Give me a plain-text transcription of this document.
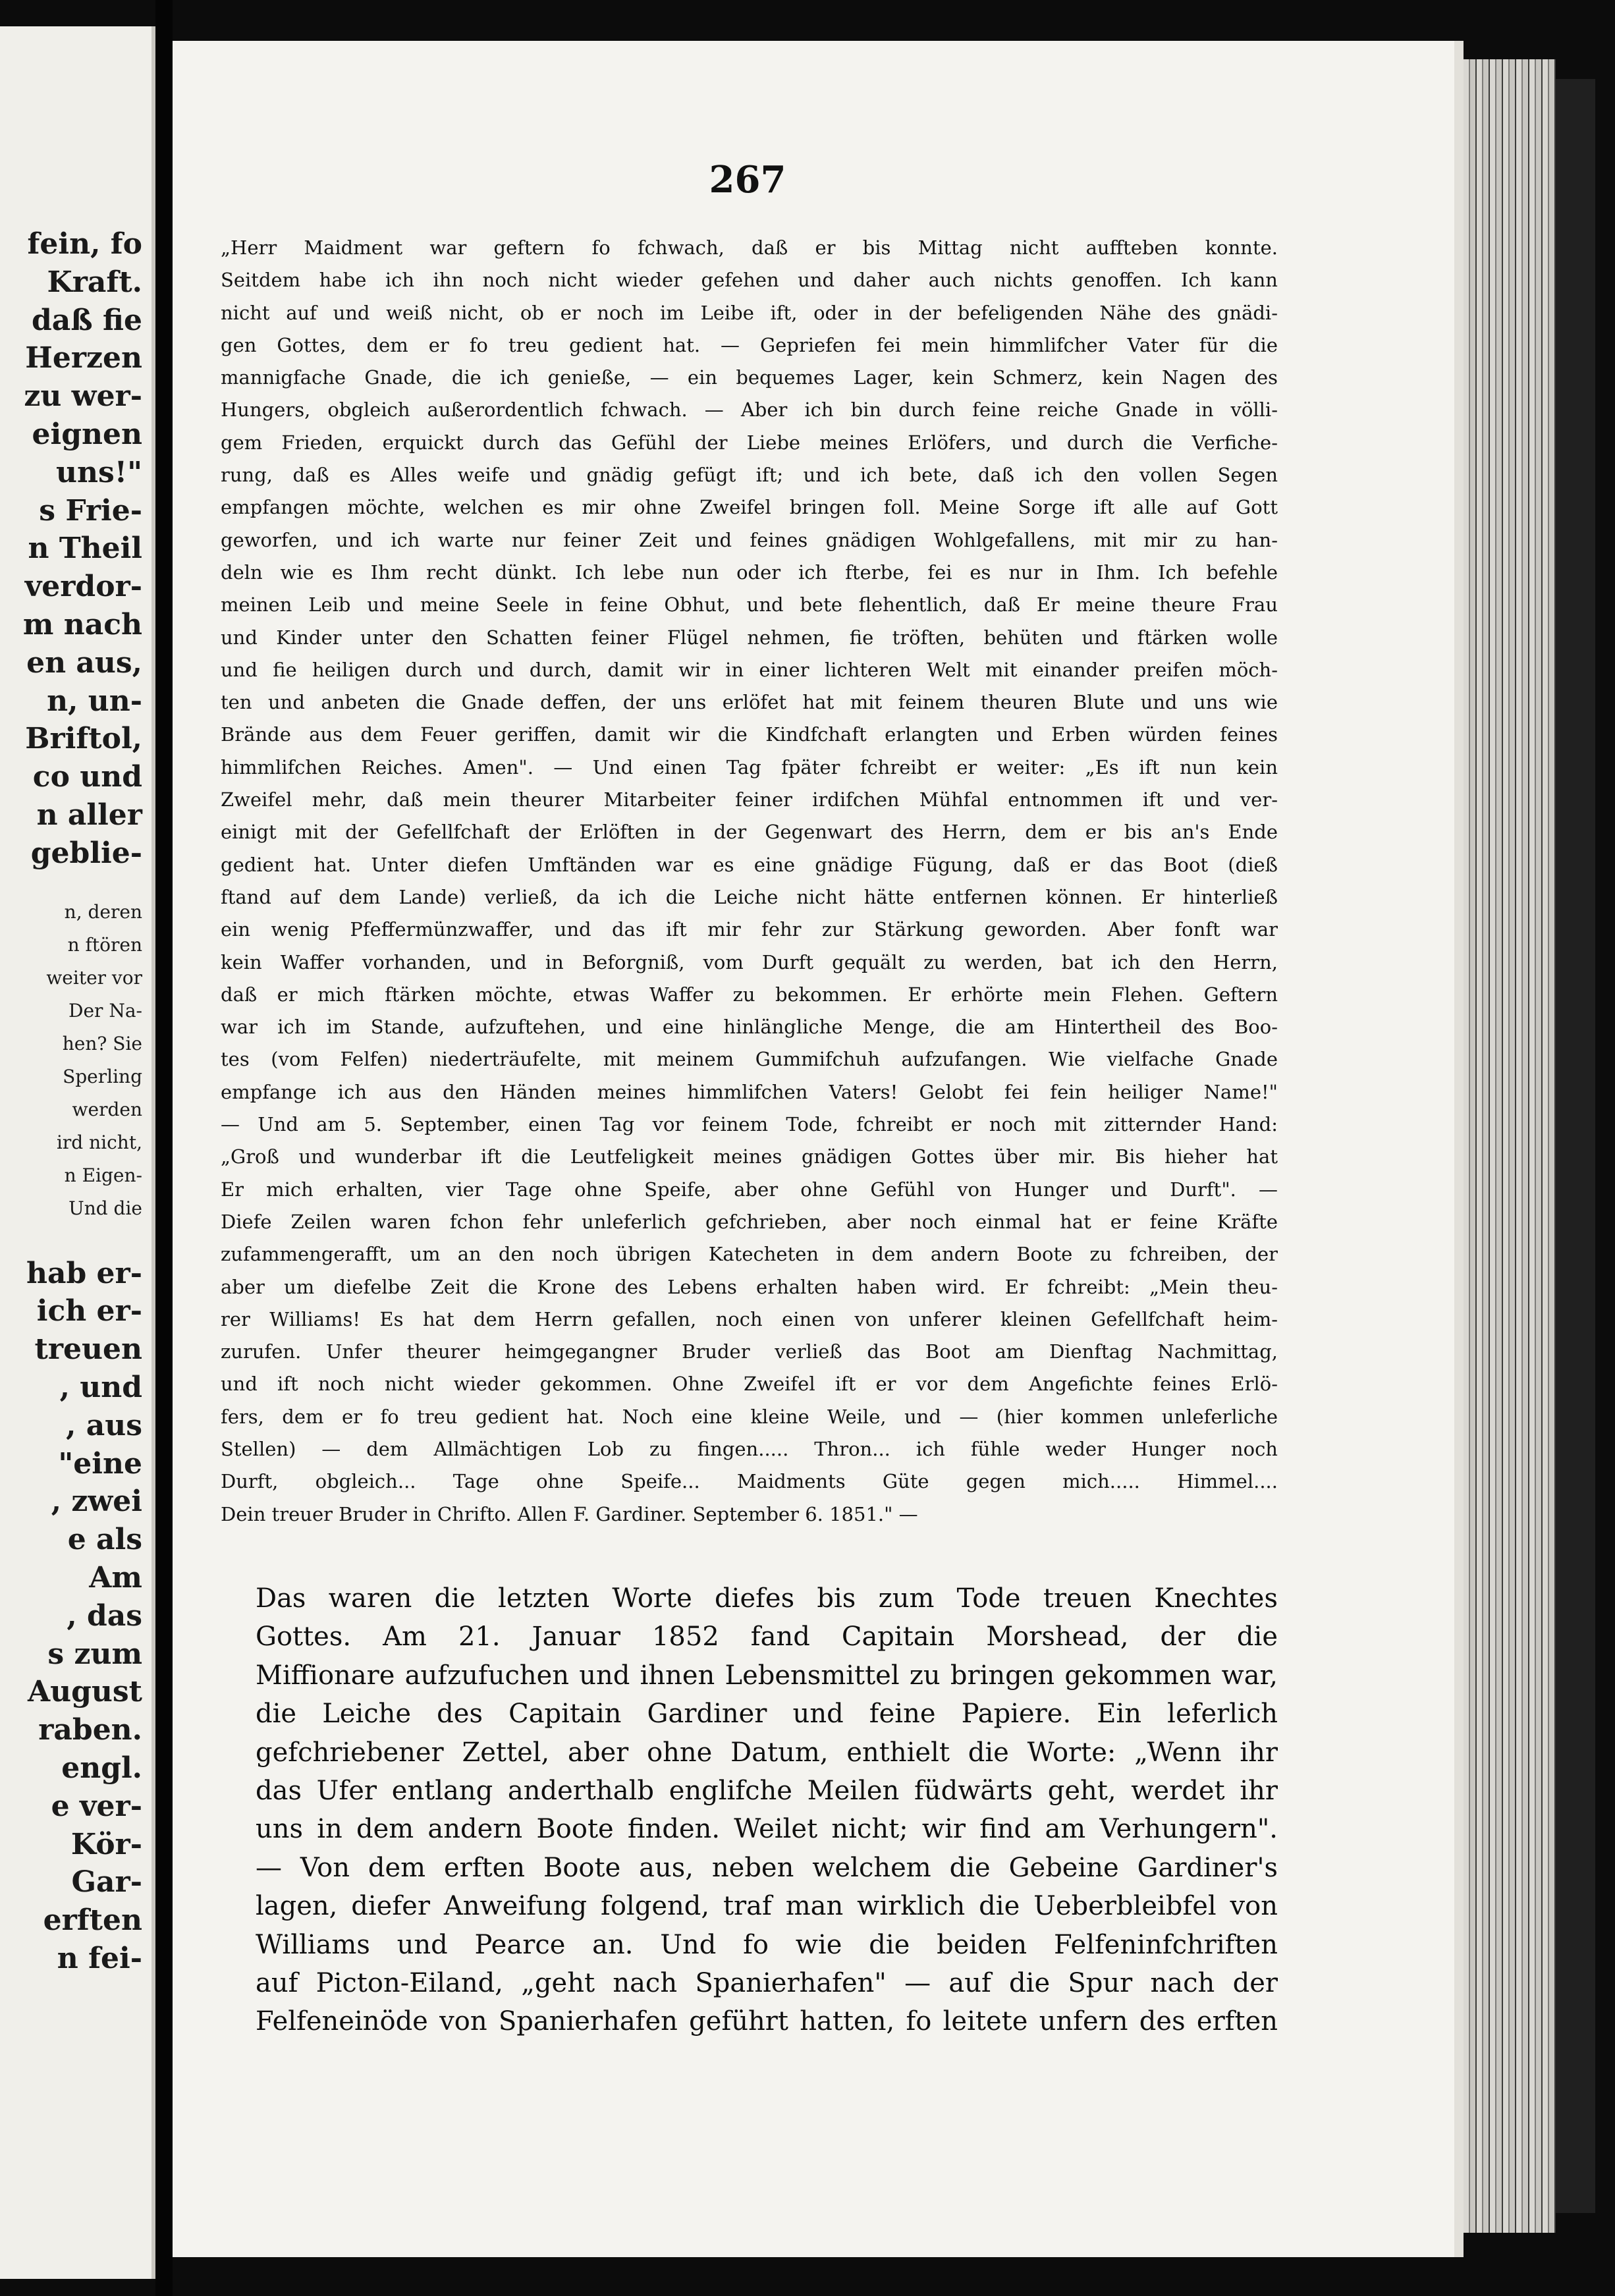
fein, fo
Kraft.
daß fie
Herzen
zu wer-
eignen
uns!"
s Frie-
n Theil
verdor-
m nach
en aus,
n, un-
Briftol,
co und
n aller
geblie-
n, deren
n ftören
weiter vor
Der Na-
hen? Sie
Sperling
werden
ird nicht,
n Eigen-
Und die
hab er-
ich er-
treuen
, und
, aus
"eine
, zwei
e als
Am
, das
s zum
August
raben.
engl.
e ver-
Kör-
Gar-
erften
n fei-
267
„Herr Maidment war geftern fo fchwach, daß er bis Mittag nicht auffteben konnte.
Seitdem habe ich ihn noch nicht wieder gefehen und daher auch nichts genoffen. Ich kann
nicht auf und weiß nicht, ob er noch im Leibe ift, oder in der befeligenden Nähe des gnädi-
gen Gottes, dem er fo treu gedient hat. — Gepriefen fei mein himmlifcher Vater für die
mannigfache Gnade, die ich genieße, — ein bequemes Lager, kein Schmerz, kein Nagen des
Hungers, obgleich außerordentlich fchwach. — Aber ich bin durch feine reiche Gnade in völli-
gem Frieden, erquickt durch das Gefühl der Liebe meines Erlöfers, und durch die Verfiche-
rung, daß es Alles weife und gnädig gefügt ift; und ich bete, daß ich den vollen Segen
empfangen möchte, welchen es mir ohne Zweifel bringen foll. Meine Sorge ift alle auf Gott
geworfen, und ich warte nur feiner Zeit und feines gnädigen Wohlgefallens, mit mir zu han-
deln wie es Ihm recht dünkt. Ich lebe nun oder ich fterbe, fei es nur in Ihm. Ich befehle
meinen Leib und meine Seele in feine Obhut, und bete flehentlich, daß Er meine theure Frau
und Kinder unter den Schatten feiner Flügel nehmen, fie tröften, behüten und ftärken wolle
und fie heiligen durch und durch, damit wir in einer lichteren Welt mit einander preifen möch-
ten und anbeten die Gnade deffen, der uns erlöfet hat mit feinem theuren Blute und uns wie
Brände aus dem Feuer geriffen, damit wir die Kindfchaft erlangten und Erben würden feines
himmlifchen Reiches. Amen". — Und einen Tag fpäter fchreibt er weiter: „Es ift nun kein
Zweifel mehr, daß mein theurer Mitarbeiter feiner irdifchen Mühfal entnommen ift und ver-
einigt mit der Gefellfchaft der Erlöften in der Gegenwart des Herrn, dem er bis an's Ende
gedient hat. Unter diefen Umftänden war es eine gnädige Fügung, daß er das Boot (dieß
ftand auf dem Lande) verließ, da ich die Leiche nicht hätte entfernen können. Er hinterließ
ein wenig Pfeffermünzwaffer, und das ift mir fehr zur Stärkung geworden. Aber fonft war
kein Waffer vorhanden, und in Beforgniß, vom Durft gequält zu werden, bat ich den Herrn,
daß er mich ftärken möchte, etwas Waffer zu bekommen. Er erhörte mein Flehen. Geftern
war ich im Stande, aufzuftehen, und eine hinlängliche Menge, die am Hintertheil des Boo-
tes (vom Felfen) niederträufelte, mit meinem Gummifchuh aufzufangen. Wie vielfache Gnade
empfange ich aus den Händen meines himmlifchen Vaters! Gelobt fei fein heiliger Name!"
— Und am 5. September, einen Tag vor feinem Tode, fchreibt er noch mit zitternder Hand:
„Groß und wunderbar ift die Leutfeligkeit meines gnädigen Gottes über mir. Bis hieher hat
Er mich erhalten, vier Tage ohne Speife, aber ohne Gefühl von Hunger und Durft". —
Diefe Zeilen waren fchon fehr unleferlich gefchrieben, aber noch einmal hat er feine Kräfte
zufammengerafft, um an den noch übrigen Katecheten in dem andern Boote zu fchreiben, der
aber um diefelbe Zeit die Krone des Lebens erhalten haben wird. Er fchreibt: „Mein theu-
rer Williams! Es hat dem Herrn gefallen, noch einen von unferer kleinen Gefellfchaft heim-
zurufen. Unfer theurer heimgegangner Bruder verließ das Boot am Dienftag Nachmittag,
und ift noch nicht wieder gekommen. Ohne Zweifel ift er vor dem Angefichte feines Erlö-
fers, dem er fo treu gedient hat. Noch eine kleine Weile, und — (hier kommen unleferliche
Stellen) — dem Allmächtigen Lob zu fingen..... Thron... ich fühle weder Hunger noch
Durft, obgleich... Tage ohne Speife... Maidments Güte gegen mich..... Himmel....
Dein treuer Bruder in Chrifto. Allen F. Gardiner. September 6. 1851." —
Das waren die letzten Worte diefes bis zum Tode treuen Knechtes
Gottes. Am 21. Januar 1852 fand Capitain Morshead, der die
Miffionare aufzufuchen und ihnen Lebensmittel zu bringen gekommen war,
die Leiche des Capitain Gardiner und feine Papiere. Ein leferlich
gefchriebener Zettel, aber ohne Datum, enthielt die Worte: „Wenn ihr
das Ufer entlang anderthalb englifche Meilen füdwärts geht, werdet ihr
uns in dem andern Boote finden. Weilet nicht; wir find am Verhungern".
— Von dem erften Boote aus, neben welchem die Gebeine Gardiner's
lagen, diefer Anweifung folgend, traf man wirklich die Ueberbleibfel von
Williams und Pearce an. Und fo wie die beiden Felfeninfchriften
auf Picton-Eiland, „geht nach Spanierhafen" — auf die Spur nach der
Felfeneinöde von Spanierhafen geführt hatten, fo leitete unfern des erften
